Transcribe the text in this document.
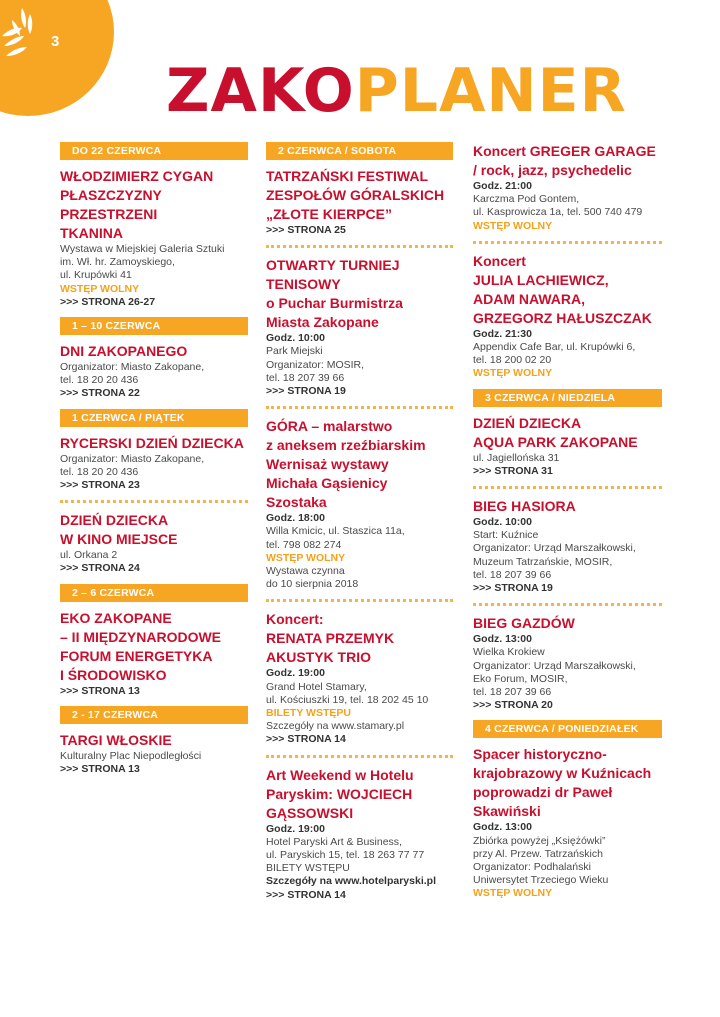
3
ZAKOPLANER
DO 22 CZERWCA

WŁODZIMIERZ CYGAN

PŁASZCZYZNY

PRZESTRZENI

TKANINA

Wystawa w Miejskiej Galeria Sztuki

im. Wł. hr. Zamoyskiego,

ul. Krupówki 41

WSTĘP WOLNY

>>> STRONA 26-27

1 – 10 CZERWCA

DNI ZAKOPANEGO

Organizator: Miasto Zakopane,

tel. 18 20 20 436

>>> STRONA 22

1 CZERWCA / PIĄTEK

RYCERSKI DZIEŃ DZIECKA

Organizator: Miasto Zakopane,

tel. 18 20 20 436

>>> STRONA 23

DZIEŃ DZIECKA

W KINO MIEJSCE

ul. Orkana 2

>>> STRONA 24

2 – 6 CZERWCA

EKO ZAKOPANE

– II MIĘDZYNARODOWE

FORUM ENERGETYKA

I ŚRODOWISKO

>>> STRONA 13

2 - 17 CZERWCA

TARGI WŁOSKIE

Kulturalny Plac Niepodległości

>>> STRONA 13

2 CZERWCA / SOBOTA

TATRZAŃSKI FESTIWAL

ZESPOŁÓW GÓRALSKICH

„ZŁOTE KIERPCE”

>>> STRONA 25

OTWARTY TURNIEJ

TENISOWY

o Puchar Burmistrza

Miasta Zakopane

Godz. 10:00

Park Miejski

Organizator: MOSIR,

tel. 18 207 39 66

>>> STRONA 19

GÓRA – malarstwo

z aneksem rzeźbiarskim

Wernisaż wystawy

Michała Gąsienicy

Szostaka

Godz. 18:00

Willa Kmicic, ul. Staszica 11a,

tel. 798 082 274

WSTĘP WOLNY

Wystawa czynna

do 10 sierpnia 2018

Koncert:

RENATA PRZEMYK

AKUSTYK TRIO

Godz. 19:00

Grand Hotel Stamary,

ul. Kościuszki 19, tel. 18 202 45 10

BILETY WSTĘPU

Szczegóły na www.stamary.pl

>>> STRONA 14

Art Weekend w Hotelu

Paryskim: WOJCIECH

GĄSSOWSKI

Godz. 19:00

Hotel Paryski Art & Business,

ul. Paryskich 15, tel. 18 263 77 77

BILETY WSTĘPU

Szczegóły na www.hotelparyski.pl

>>> STRONA 14

Koncert GREGER GARAGE

/ rock, jazz, psychedelic

Godz. 21:00

Karczma Pod Gontem,

ul. Kasprowicza 1a, tel. 500 740 479

WSTĘP WOLNY

Koncert

JULIA LACHIEWICZ,

ADAM NAWARA,

GRZEGORZ HAŁUSZCZAK

Godz. 21:30

Appendix Cafe Bar, ul. Krupówki 6,

tel. 18 200 02 20

WSTĘP WOLNY

3 CZERWCA / NIEDZIELA

DZIEŃ DZIECKA

AQUA PARK ZAKOPANE

ul. Jagiellońska 31

>>> STRONA 31

BIEG HASIORA

Godz. 10:00

Start: Kuźnice

Organizator: Urząd Marszałkowski,

Muzeum Tatrzańskie, MOSIR,

tel. 18 207 39 66

>>> STRONA 19

BIEG GAZDÓW

Godz. 13:00

Wielka Krokiew

Organizator: Urząd Marszałkowski,

Eko Forum, MOSIR,

tel. 18 207 39 66

>>> STRONA 20

4 CZERWCA / PONIEDZIAŁEK

Spacer historyczno-

krajobrazowy w Kuźnicach

poprowadzi dr Paweł

Skawiński

Godz. 13:00

Zbiórka powyżej „Księżówki”

przy Al. Przew. Tatrzańskich

Organizator: Podhalański

Uniwersytet Trzeciego Wieku

WSTĘP WOLNY
